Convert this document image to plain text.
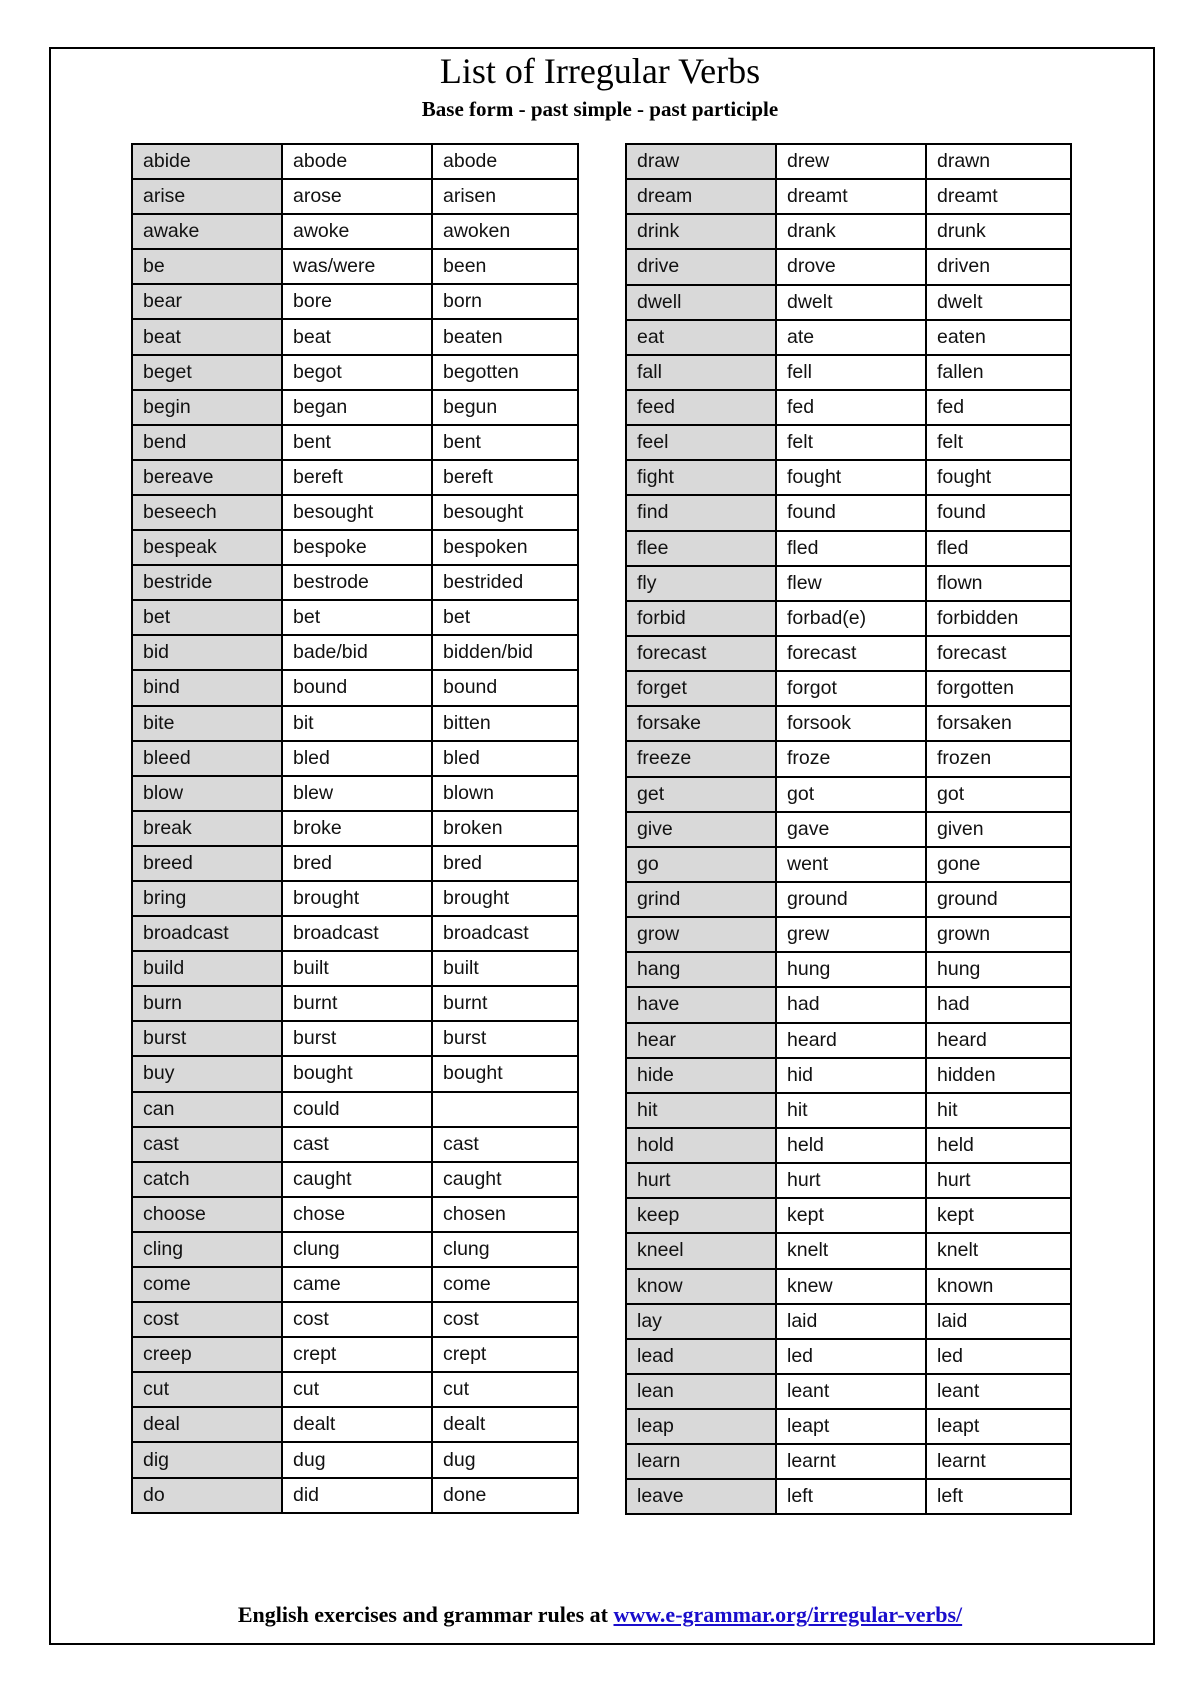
List of Irregular Verbs
Base form - past simple - past participle
abide	abode	abode
arise	arose	arisen
awake	awoke	awoken
be	was/were	been
bear	bore	born
beat	beat	beaten
beget	begot	begotten
begin	began	begun
bend	bent	bent
bereave	bereft	bereft
beseech	besought	besought
bespeak	bespoke	bespoken
bestride	bestrode	bestrided
bet	bet	bet
bid	bade/bid	bidden/bid
bind	bound	bound
bite	bit	bitten
bleed	bled	bled
blow	blew	blown
break	broke	broken
breed	bred	bred
bring	brought	brought
broadcast	broadcast	broadcast
build	built	built
burn	burnt	burnt
burst	burst	burst
buy	bought	bought
can	could	
cast	cast	cast
catch	caught	caught
choose	chose	chosen
cling	clung	clung
come	came	come
cost	cost	cost
creep	crept	crept
cut	cut	cut
deal	dealt	dealt
dig	dug	dug
do	did	done
draw	drew	drawn
dream	dreamt	dreamt
drink	drank	drunk
drive	drove	driven
dwell	dwelt	dwelt
eat	ate	eaten
fall	fell	fallen
feed	fed	fed
feel	felt	felt
fight	fought	fought
find	found	found
flee	fled	fled
fly	flew	flown
forbid	forbad(e)	forbidden
forecast	forecast	forecast
forget	forgot	forgotten
forsake	forsook	forsaken
freeze	froze	frozen
get	got	got
give	gave	given
go	went	gone
grind	ground	ground
grow	grew	grown
hang	hung	hung
have	had	had
hear	heard	heard
hide	hid	hidden
hit	hit	hit
hold	held	held
hurt	hurt	hurt
keep	kept	kept
kneel	knelt	knelt
know	knew	known
lay	laid	laid
lead	led	led
lean	leant	leant
leap	leapt	leapt
learn	learnt	learnt
leave	left	left
English exercises and grammar rules at www.e-grammar.org/irregular-verbs/
